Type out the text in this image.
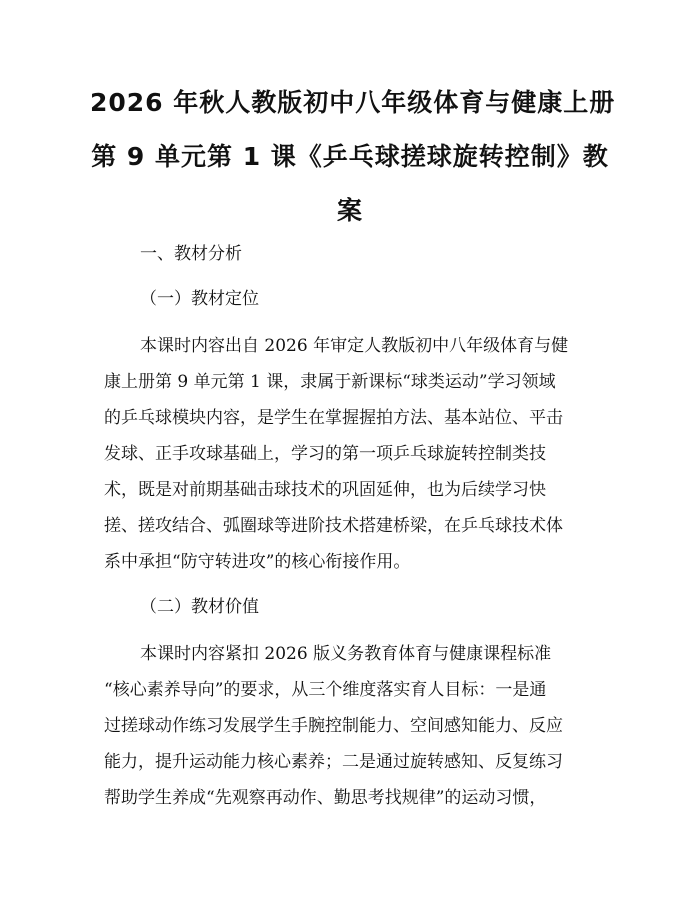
2026 年秋人教版初中八年级体育与健康上册
第 9 单元第 1 课《乒乓球搓球旋转控制》教
案

一、教材分析

（一）教材定位

本课时内容出自 2026 年审定人教版初中八年级体育与健
康上册第 9 单元第 1 课，隶属于新课标“球类运动”学习领域
的乒乓球模块内容，是学生在掌握握拍方法、基本站位、平击
发球、正手攻球基础上，学习的第一项乒乓球旋转控制类技
术，既是对前期基础击球技术的巩固延伸，也为后续学习快
搓、搓攻结合、弧圈球等进阶技术搭建桥梁，在乒乓球技术体
系中承担“防守转进攻”的核心衔接作用。

（二）教材价值

本课时内容紧扣 2026 版义务教育体育与健康课程标准
“核心素养导向”的要求，从三个维度落实育人目标：一是通
过搓球动作练习发展学生手腕控制能力、空间感知能力、反应
能力，提升运动能力核心素养；二是通过旋转感知、反复练习
帮助学生养成“先观察再动作、勤思考找规律”的运动习惯，
